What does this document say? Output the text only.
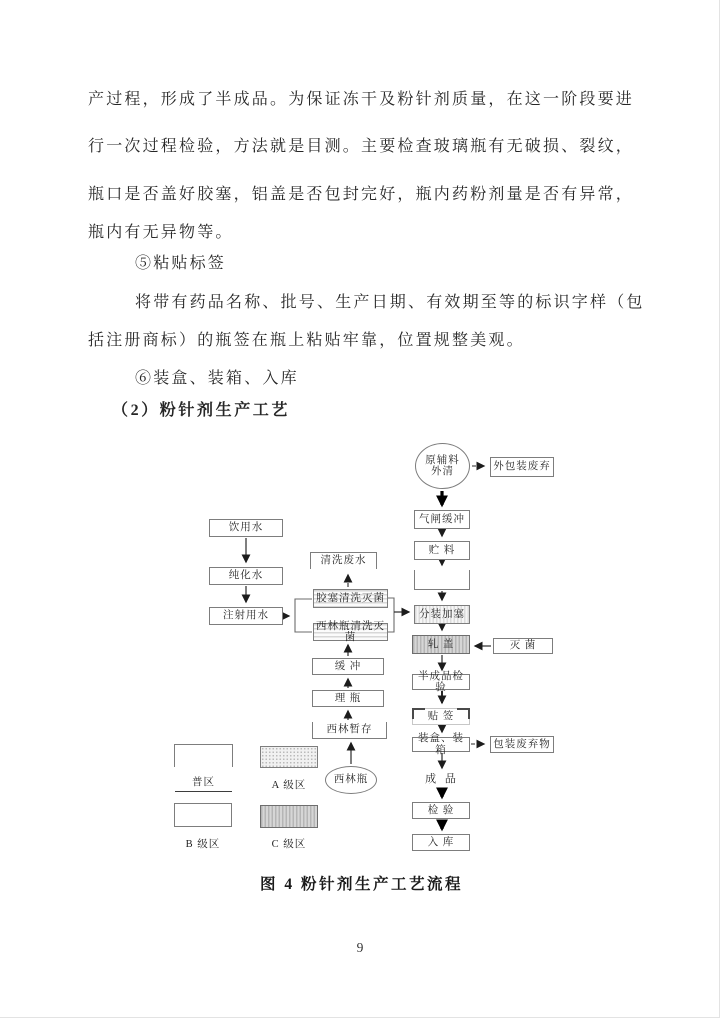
产过程，形成了半成品。为保证冻干及粉针剂质量，在这一阶段要进
行一次过程检验，方法就是目测。主要检查玻璃瓶有无破损、裂纹，
瓶口是否盖好胶塞，铝盖是否包封完好，瓶内药粉剂量是否有异常，
瓶内有无异物等。
⑤粘贴标签
将带有药品名称、批号、生产日期、有效期至等的标识字样（包
括注册商标）的瓶签在瓶上粘贴牢靠，位置规整美观。
⑥装盒、装箱、入库
（2）粉针剂生产工艺
原辅料
外清	外包装废弃
气闸缓冲
贮 料
分装加塞
轧 盖	灭 菌
半成品检验
贴 签
装盒、装箱
包装废弃物
成 品
检 验
入 库
饮用水
纯化水
注射用水
清洗废水
胶塞清洗灭菌
西林瓶清洗灭菌
缓 冲
理 瓶
西林暂存
西林瓶
普区	A 级区
B 级区	C 级区
图 4 粉针剂生产工艺流程
9
